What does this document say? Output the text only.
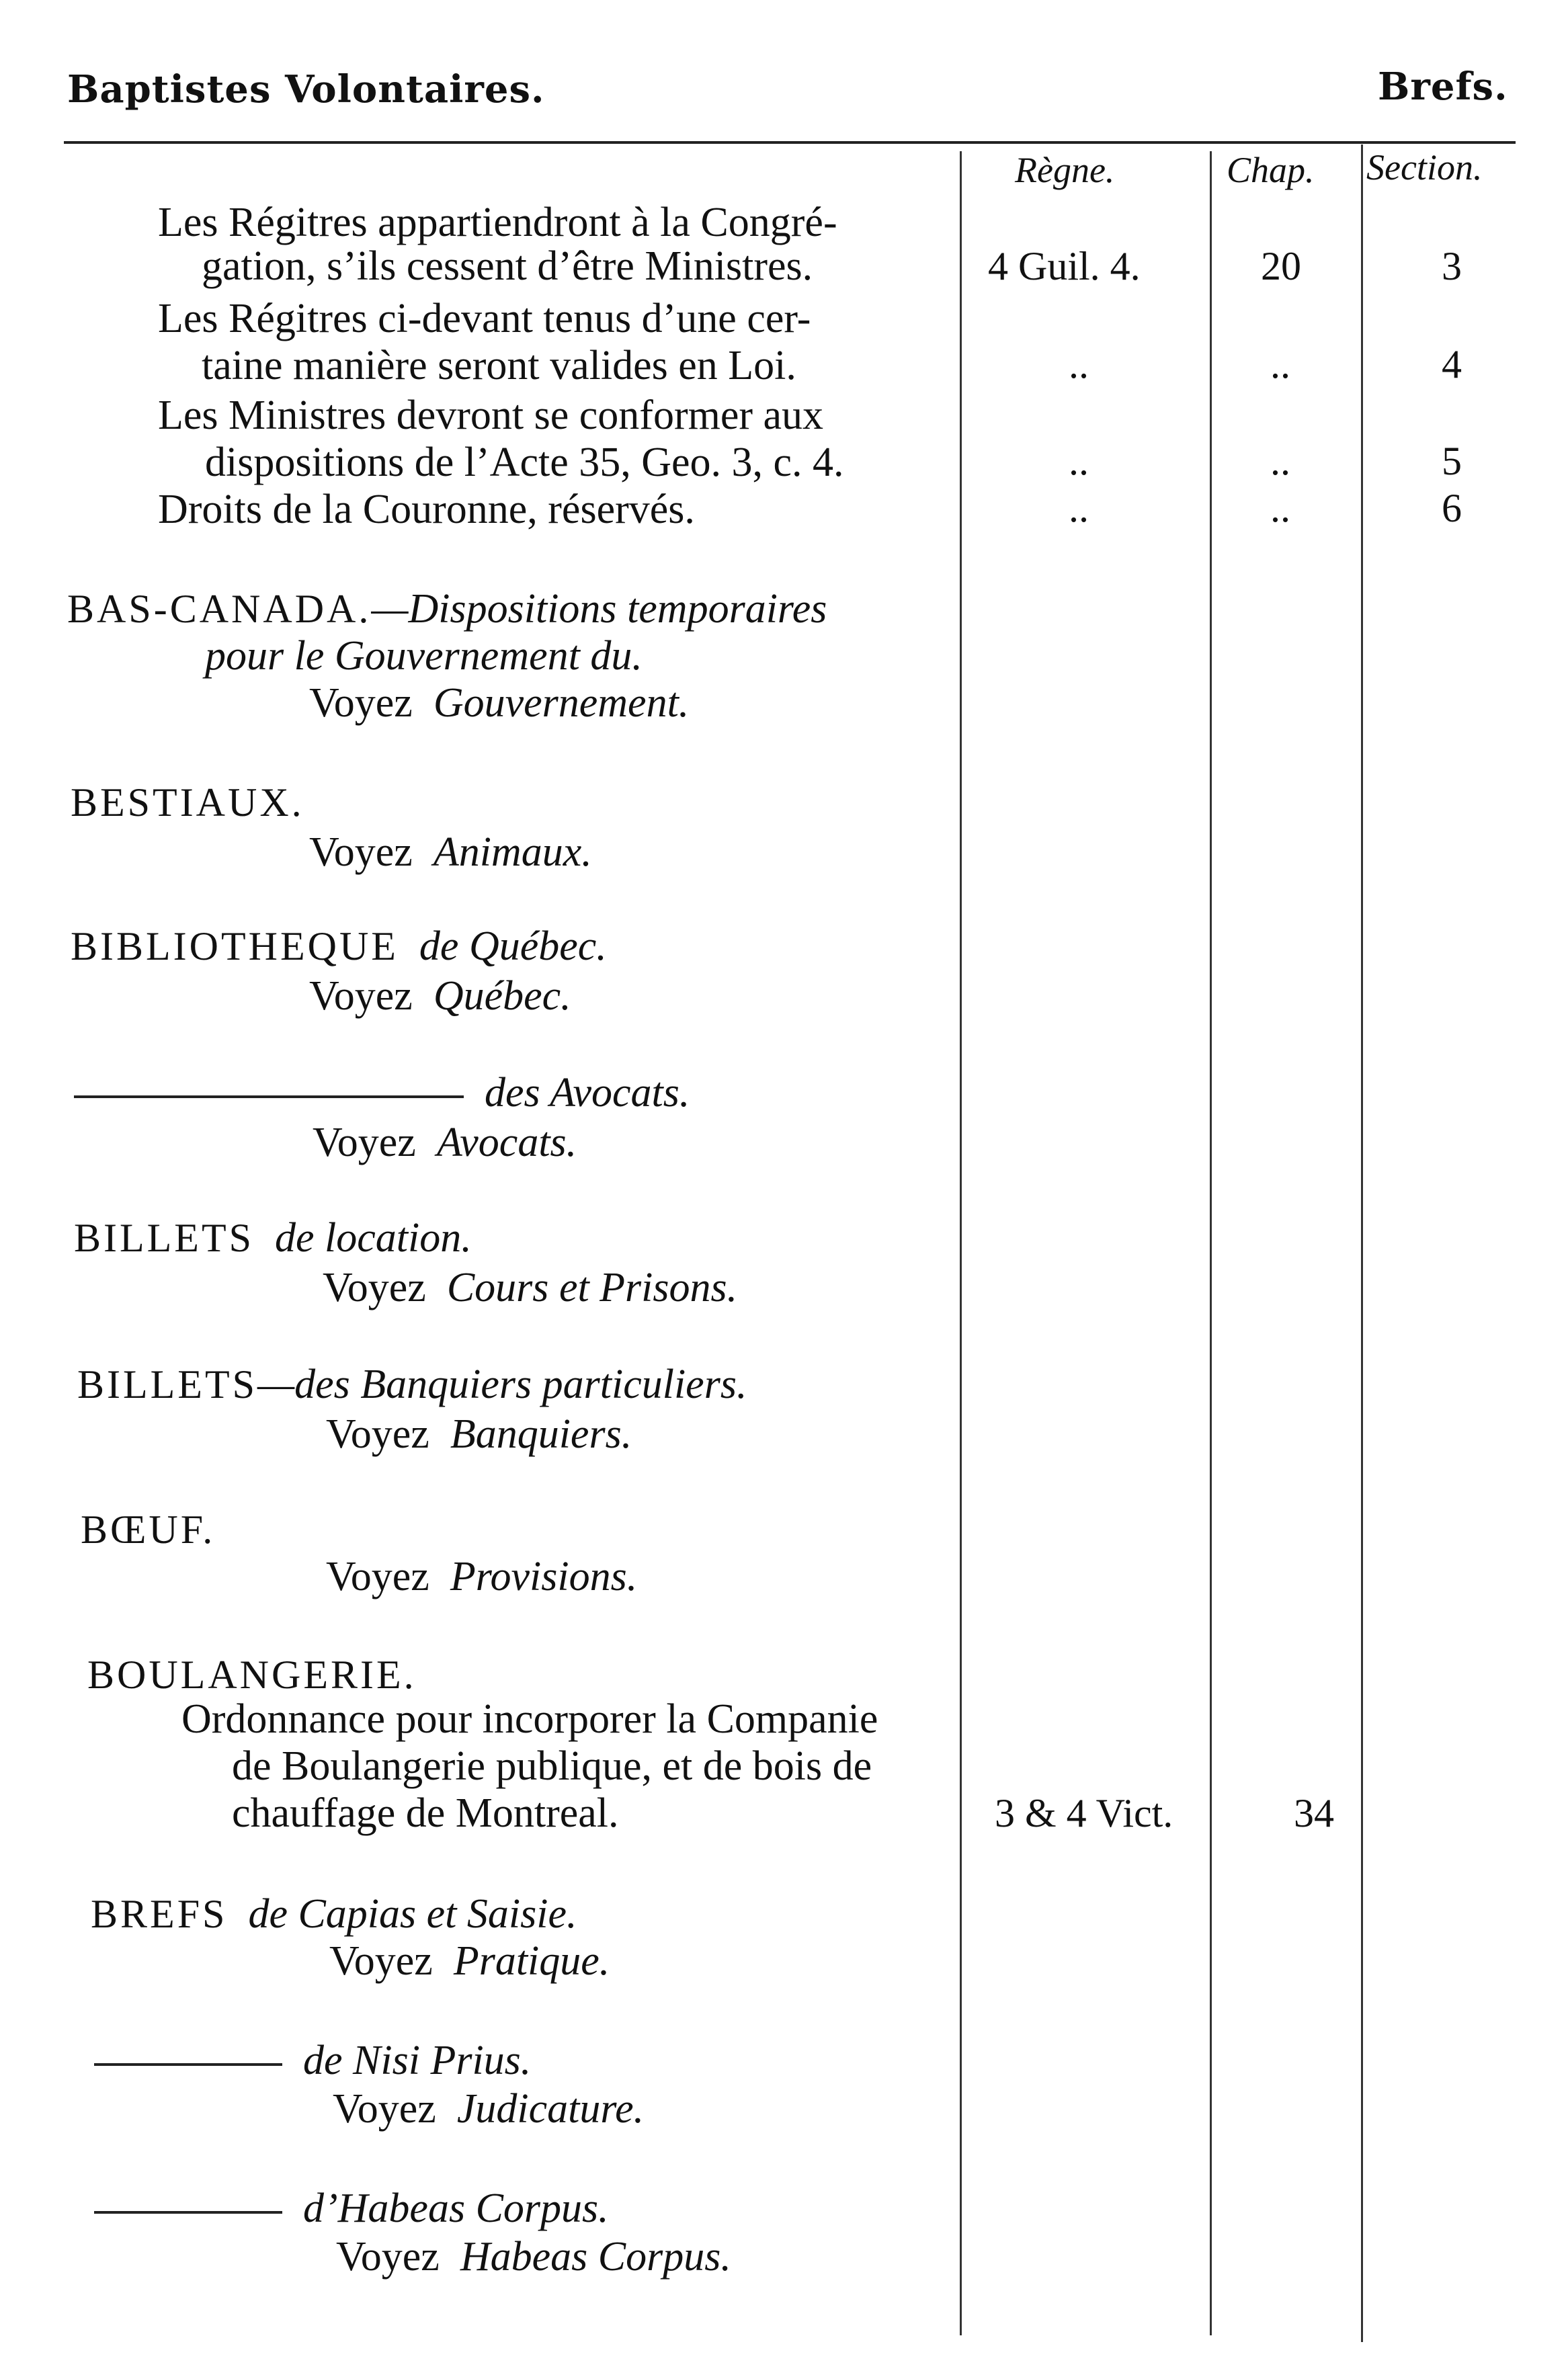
Baptistes Volontaires.	Brefs.
Règne.	Chap. Section.
Les Régitres appartiendront à la Congré-
gation, s’ils cessent d’être Ministres.	4 Guil. 4.	20	3
Les Régitres ci-devant tenus d’une cer-
taine manière seront valides en Loi.	..	..	4
Les Ministres devront se conformer aux
dispositions de l’Acte 35, Geo. 3, c. 4.	..	..	5
Droits de la Couronne, réservés.	..	..	6
BAS-CANADA.—Dispositions temporaires
pour le Gouvernement du.
Voyez Gouvernement.
BESTIAUX.
Voyez Animaux.
BIBLIOTHEQUE de Québec.
Voyez Québec.
des Avocats.
Voyez Avocats.
BILLETS de location.
Voyez Cours et Prisons.
BILLETS—des Banquiers particuliers.
Voyez Banquiers.
BŒUF.
Voyez Provisions.
BOULANGERIE.
Ordonnance pour incorporer la Companie
de Boulangerie publique, et de bois de
chauffage de Montreal.	3 & 4 Vict.	34
BREFS de Capias et Saisie.
Voyez Pratique.
de Nisi Prius.
Voyez Judicature.
d’Habeas Corpus.
Voyez Habeas Corpus.
